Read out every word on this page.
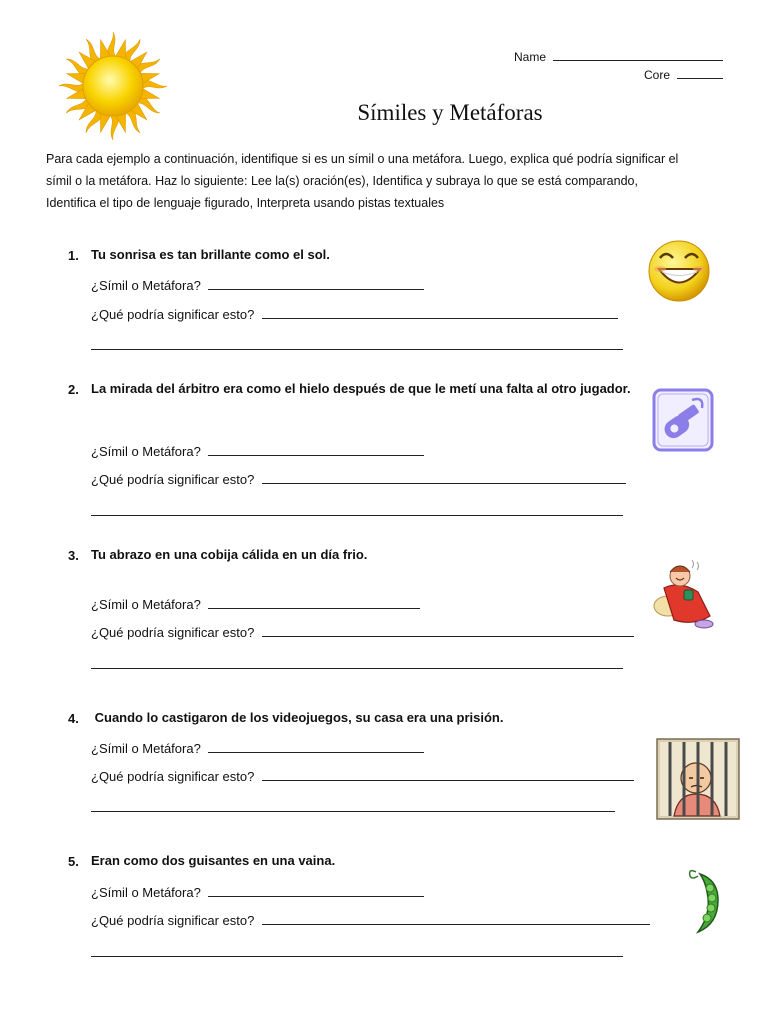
Name
Core
Símiles y Metáforas
Para cada ejemplo a continuación, identifique si es un símil o una metáfora. Luego, explica qué podría significar el símil o la metáfora. Haz lo siguiente: Lee la(s) oración(es), Identifica y subraya lo que se está comparando, Identifica el tipo de lenguaje figurado, Interpreta usando pistas textuales
1. Tu sonrisa es tan brillante como el sol.
¿Símil o Metáfora?
¿Qué podría significar esto?
2. La mirada del árbitro era como el hielo después de que le metí una falta al otro jugador.
¿Símil o Metáfora?
¿Qué podría significar esto?
3. Tu abrazo en una cobija cálida en un día frio.
¿Símil o Metáfora?
¿Qué podría significar esto?
4. Cuando lo castigaron de los videojuegos, su casa era una prisión.
¿Símil o Metáfora?
¿Qué podría significar esto?
5. Eran como dos guisantes en una vaina.
¿Símil o Metáfora?
¿Qué podría significar esto?
